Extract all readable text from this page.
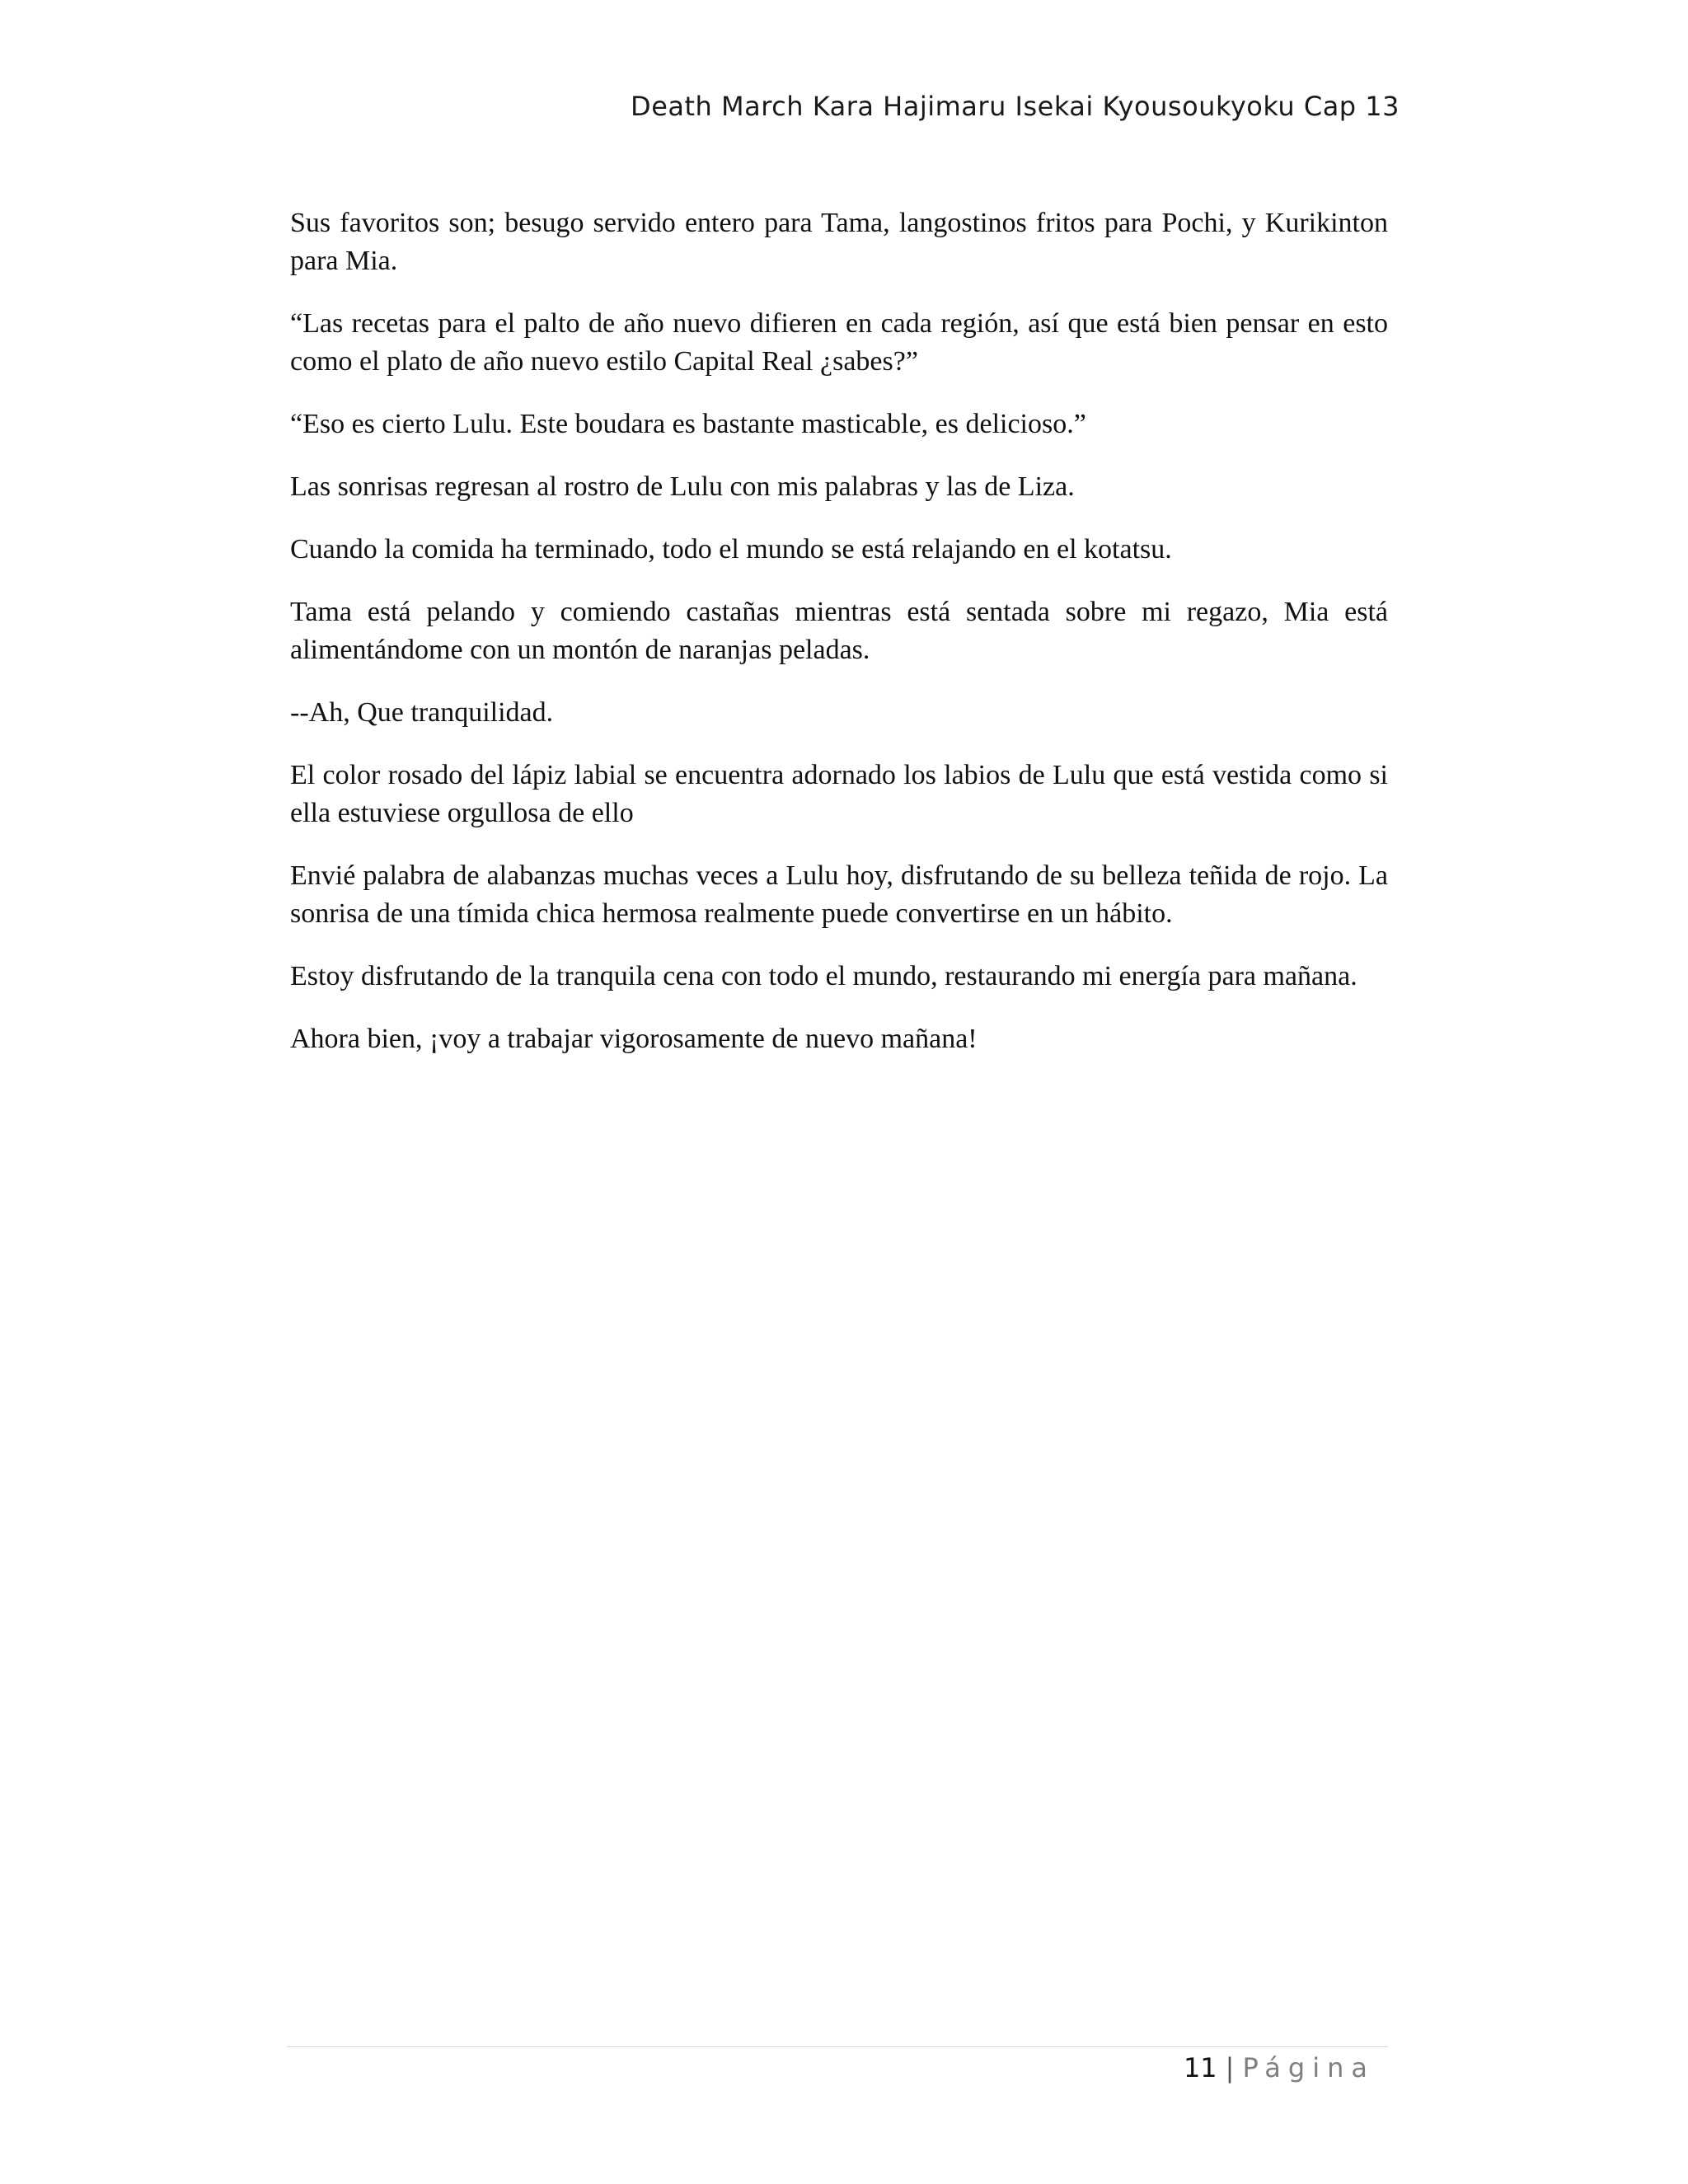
Death March Kara Hajimaru Isekai Kyousoukyoku Cap 13

Sus favoritos son; besugo servido entero para Tama, langostinos fritos para Pochi, y Kurikinton para Mia.

“Las recetas para el palto de año nuevo difieren en cada región, así que está bien pensar en esto como el plato de año nuevo estilo Capital Real ¿sabes?”

“Eso es cierto Lulu. Este boudara es bastante masticable, es delicioso.”

Las sonrisas regresan al rostro de Lulu con mis palabras y las de Liza.

Cuando la comida ha terminado, todo el mundo se está relajando en el kotatsu.

Tama está pelando y comiendo castañas mientras está sentada sobre mi regazo, Mia está alimentándome con un montón de naranjas peladas.

--Ah, Que tranquilidad.

El color rosado del lápiz labial se encuentra adornado los labios de Lulu que está vestida como si ella estuviese orgullosa de ello

Envié palabra de alabanzas muchas veces a Lulu hoy, disfrutando de su belleza teñida de rojo. La sonrisa de una tímida chica hermosa realmente puede convertirse en un hábito.

Estoy disfrutando de la tranquila cena con todo el mundo, restaurando mi energía para mañana.

Ahora bien, ¡voy a trabajar vigorosamente de nuevo mañana!

11 | Página
